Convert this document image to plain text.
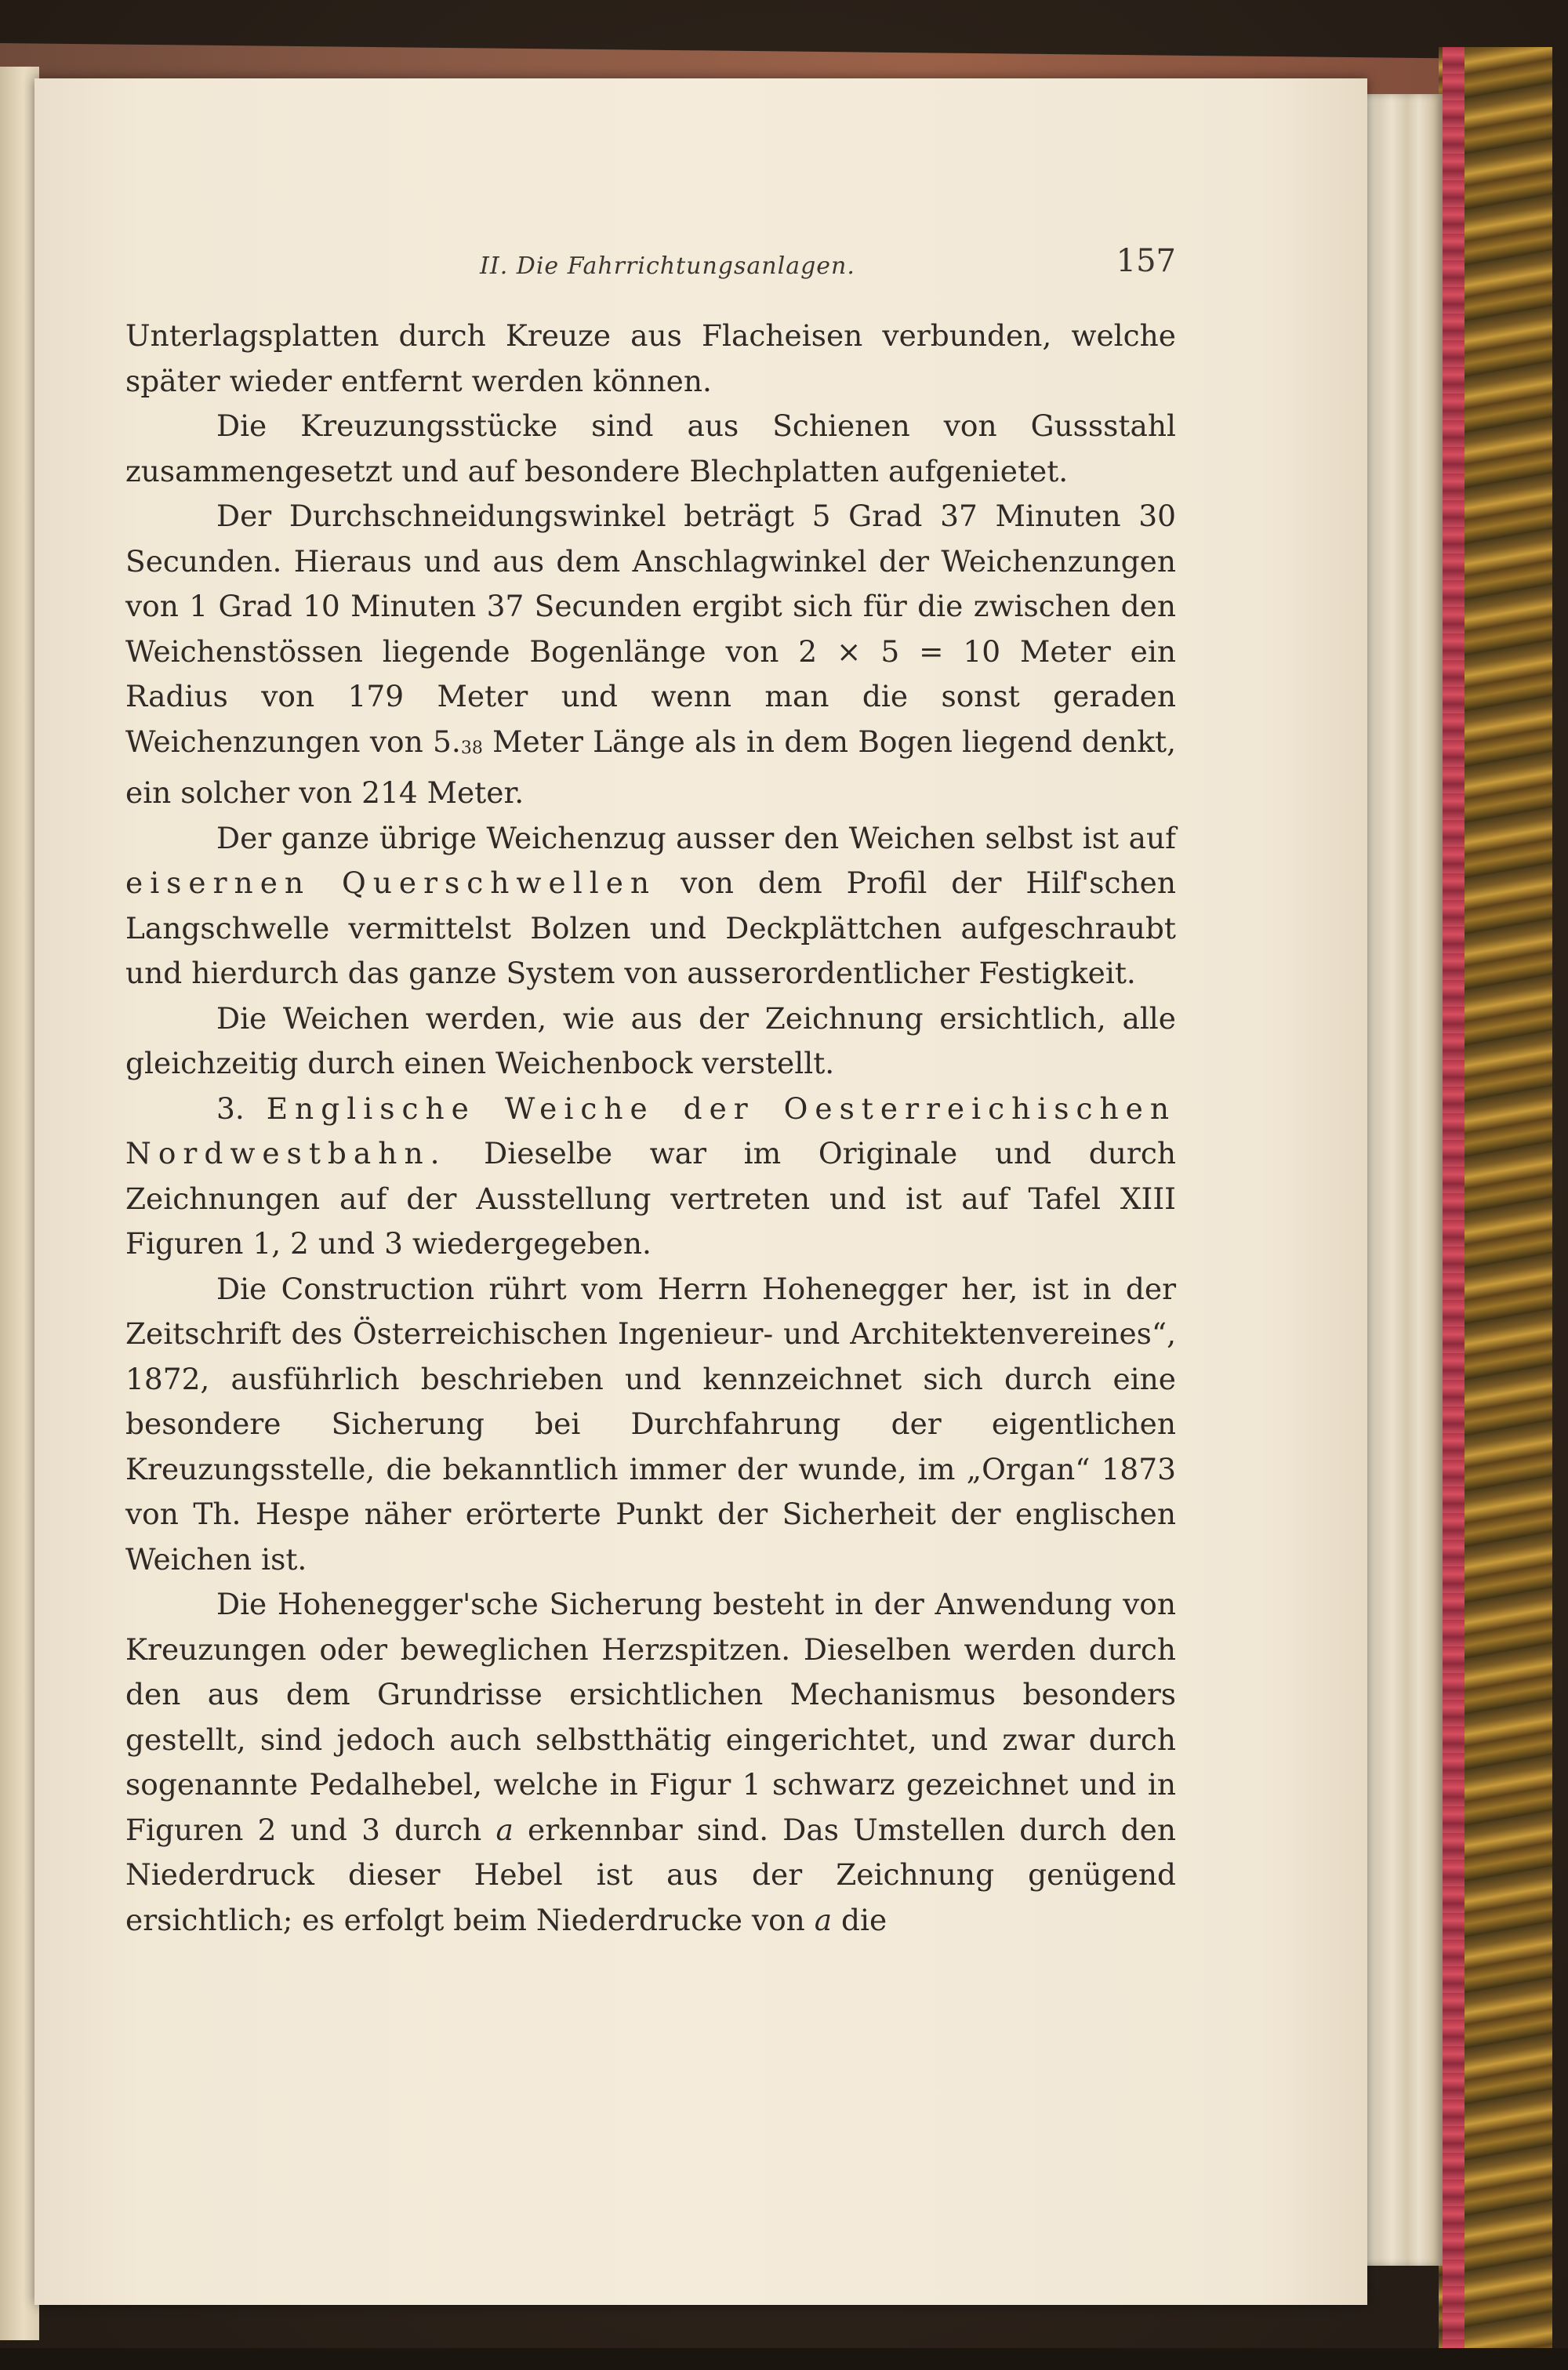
II. Die Fahrrichtungsanlagen.	157

Unterlagsplatten durch Kreuze aus Flacheisen verbunden, welche später wieder entfernt werden können.

Die Kreuzungsstücke sind aus Schienen von Gussstahl zusammengesetzt und auf besondere Blechplatten aufgenietet.

Der Durchschneidungswinkel beträgt 5 Grad 37 Minuten 30 Secunden. Hieraus und aus dem Anschlagwinkel der Weichenzungen von 1 Grad 10 Minuten 37 Secunden ergibt sich für die zwischen den Weichenstössen liegende Bogenlänge von 2 × 5 = 10 Meter ein Radius von 179 Meter und wenn man die sonst geraden Weichenzungen von 5.38 Meter Länge als in dem Bogen liegend denkt, ein solcher von 214 Meter.

Der ganze übrige Weichenzug ausser den Weichen selbst ist auf eisernen Querschwellen von dem Profil der Hilf'schen Langschwelle vermittelst Bolzen und Deckplättchen aufgeschraubt und hierdurch das ganze System von ausserordentlicher Festigkeit.

Die Weichen werden, wie aus der Zeichnung ersichtlich, alle gleichzeitig durch einen Weichenbock verstellt.

3. Englische Weiche der Oesterreichischen Nordwestbahn. Dieselbe war im Originale und durch Zeichnungen auf der Ausstellung vertreten und ist auf Tafel XIII Figuren 1, 2 und 3 wiedergegeben.

Die Construction rührt vom Herrn Hohenegger her, ist in der Zeitschrift des Österreichischen Ingenieur- und Architektenvereines“, 1872, ausführlich beschrieben und kennzeichnet sich durch eine besondere Sicherung bei Durchfahrung der eigentlichen Kreuzungsstelle, die bekanntlich immer der wunde, im „Organ“ 1873 von Th. Hespe näher erörterte Punkt der Sicherheit der englischen Weichen ist.

Die Hohenegger'sche Sicherung besteht in der Anwendung von Kreuzungen oder beweglichen Herzspitzen. Dieselben werden durch den aus dem Grundrisse ersichtlichen Mechanismus besonders gestellt, sind jedoch auch selbstthätig eingerichtet, und zwar durch sogenannte Pedalhebel, welche in Figur 1 schwarz gezeichnet und in Figuren 2 und 3 durch a erkennbar sind. Das Umstellen durch den Niederdruck dieser Hebel ist aus der Zeichnung genügend ersichtlich; es erfolgt beim Niederdrucke von a die
